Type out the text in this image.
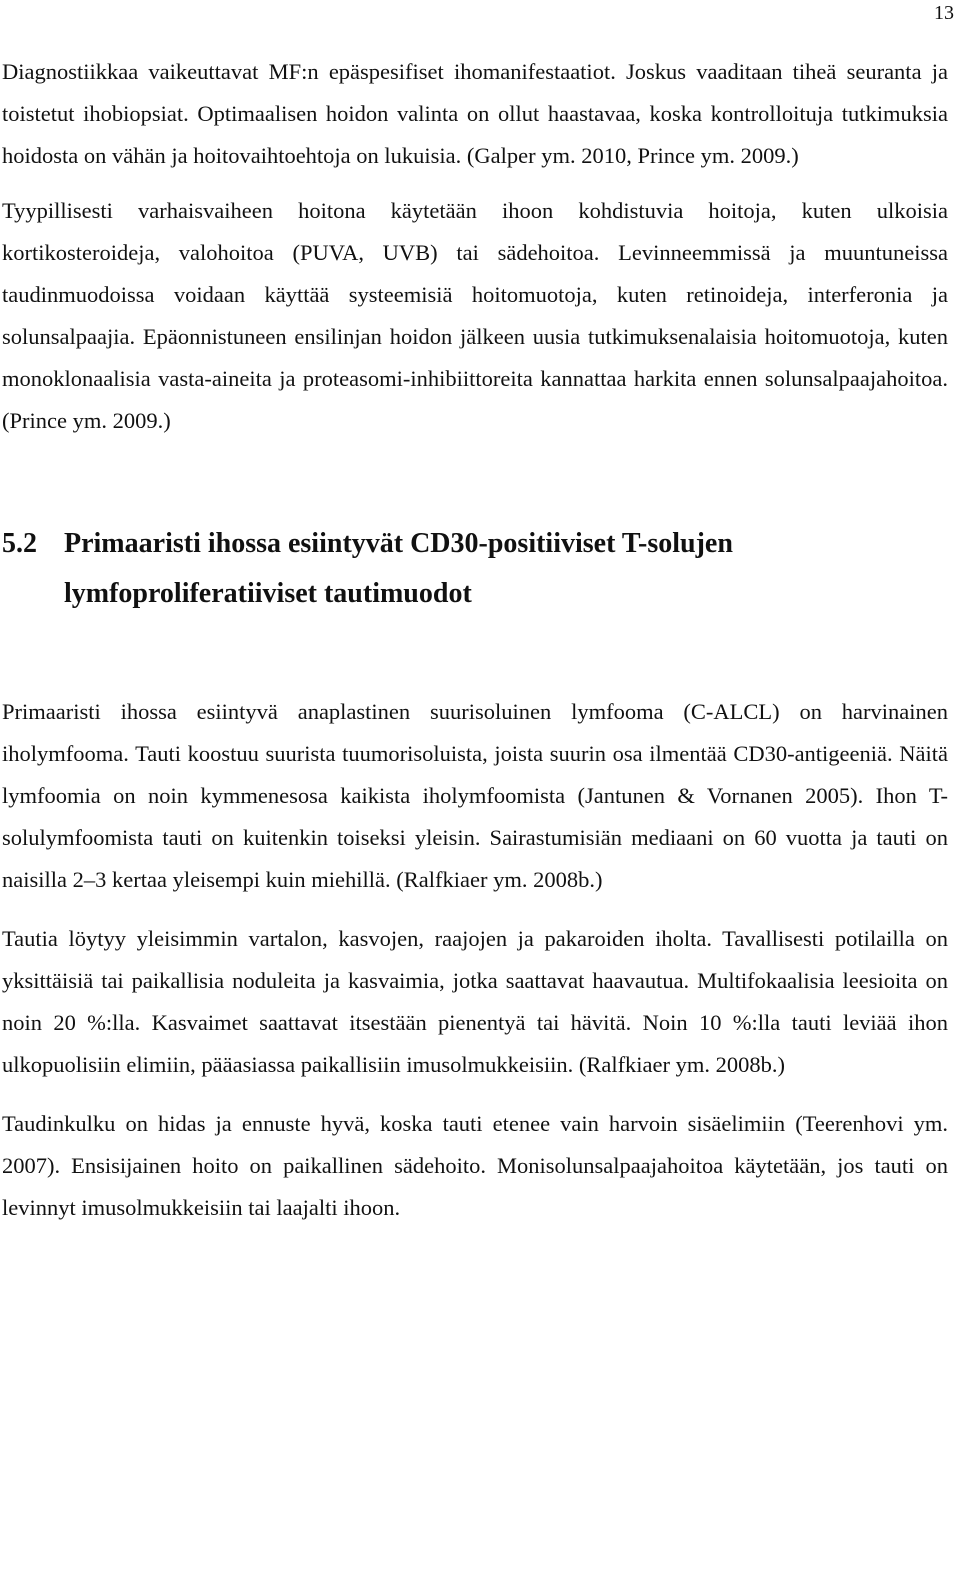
13

Diagnostiikkaa vaikeuttavat MF:n epäspesifiset ihomanifestaatiot. Joskus vaaditaan tiheä seuranta ja toistetut ihobiopsiat. Optimaalisen hoidon valinta on ollut haastavaa, koska kontrolloituja tutkimuksia hoidosta on vähän ja hoitovaihtoehtoja on lukuisia. (Galper ym. 2010, Prince ym. 2009.)

Tyypillisesti varhaisvaiheen hoitona käytetään ihoon kohdistuvia hoitoja, kuten ulkoisia kortikosteroideja, valohoitoa (PUVA, UVB) tai sädehoitoa. Levinneemmissä ja muuntuneissa taudinmuodoissa voidaan käyttää systeemisiä hoitomuotoja, kuten retinoideja, interferonia ja solunsalpaajia. Epäonnistuneen ensilinjan hoidon jälkeen uusia tutkimuksenalaisia hoitomuotoja, kuten monoklonaalisia vasta-aineita ja proteasomi-inhibiittoreita kannattaa harkita ennen solunsalpaajahoitoa. (Prince ym. 2009.)

5.2 Primaaristi ihossa esiintyvät CD30-positiiviset T-solujen lymfoproliferatiiviset tautimuodot

Primaaristi ihossa esiintyvä anaplastinen suurisoluinen lymfooma (C-ALCL) on harvinainen iholymfooma. Tauti koostuu suurista tuumorisoluista, joista suurin osa ilmentää CD30-antigeeniä. Näitä lymfoomia on noin kymmenesosa kaikista iholymfoomista (Jantunen & Vornanen 2005). Ihon T-solulymfoomista tauti on kuitenkin toiseksi yleisin. Sairastumisiän mediaani on 60 vuotta ja tauti on naisilla 2–3 kertaa yleisempi kuin miehillä. (Ralfkiaer ym. 2008b.)

Tautia löytyy yleisimmin vartalon, kasvojen, raajojen ja pakaroiden iholta. Tavallisesti potilailla on yksittäisiä tai paikallisia noduleita ja kasvaimia, jotka saattavat haavautua. Multifokaalisia leesioita on noin 20 %:lla. Kasvaimet saattavat itsestään pienentyä tai hävitä. Noin 10 %:lla tauti leviää ihon ulkopuolisiin elimiin, pääasiassa paikallisiin imusolmukkeisiin. (Ralfkiaer ym. 2008b.)

Taudinkulku on hidas ja ennuste hyvä, koska tauti etenee vain harvoin sisäelimiin (Teerenhovi ym. 2007). Ensisijainen hoito on paikallinen sädehoito. Monisolunsalpaajahoitoa käytetään, jos tauti on levinnyt imusolmukkeisiin tai laajalti ihoon.
